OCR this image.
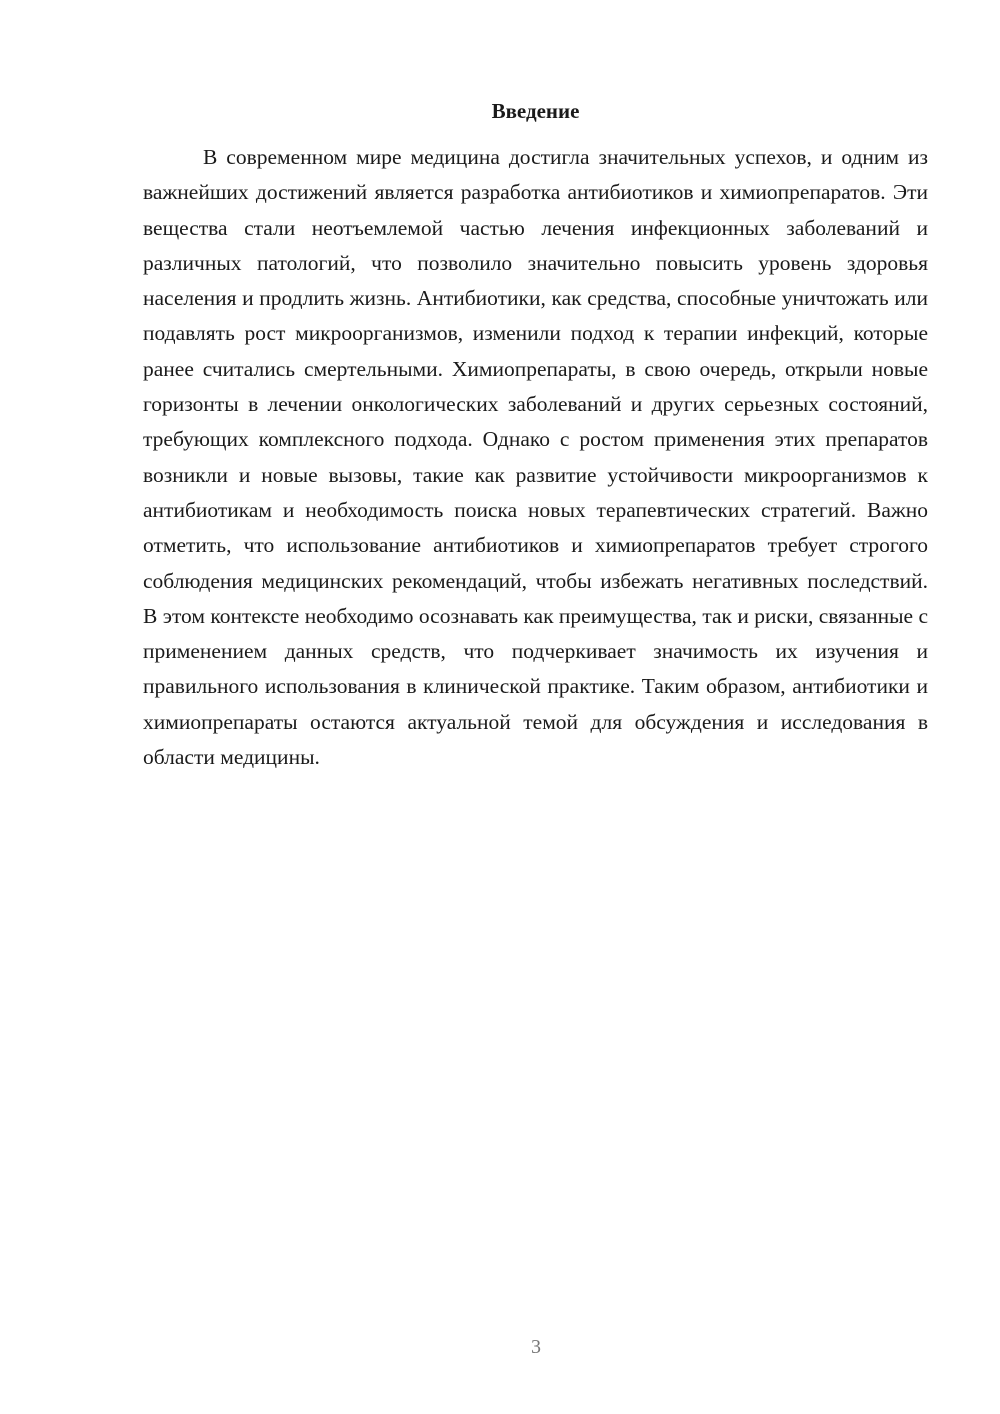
Введение

В современном мире медицина достигла значительных успехов, и одним из важнейших достижений является разработка антибиотиков и химиопрепаратов. Эти вещества стали неотъемлемой частью лечения инфекционных заболеваний и различных патологий, что позволило значительно повысить уровень здоровья населения и продлить жизнь. Антибиотики, как средства, способные уничтожать или подавлять рост микроорганизмов, изменили подход к терапии инфекций, которые ранее считались смертельными. Химиопрепараты, в свою очередь, открыли новые горизонты в лечении онкологических заболеваний и других серьезных состояний, требующих комплексного подхода. Однако с ростом применения этих препаратов возникли и новые вызовы, такие как развитие устойчивости микроорганизмов к антибиотикам и необходимость поиска новых терапевтических стратегий. Важно отметить, что использование антибиотиков и химиопрепаратов требует строгого соблюдения медицинских рекомендаций, чтобы избежать негативных последствий. В этом контексте необходимо осознавать как преимущества, так и риски, связанные с применением данных средств, что подчеркивает значимость их изучения и правильного использования в клинической практике. Таким образом, антибиотики и химиопрепараты остаются актуальной темой для обсуждения и исследования в области медицины.

3
